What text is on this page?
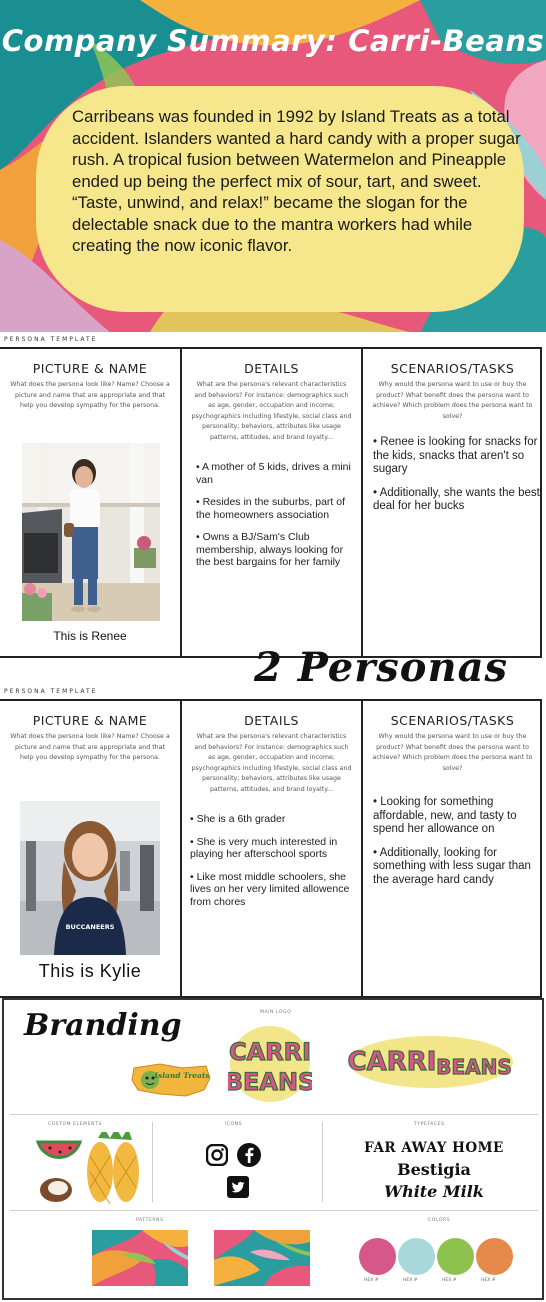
Company Summary: Carri-Beans
Carribeans was founded in 1992 by Island Treats as a total accident. Islanders wanted a hard candy with a proper sugar rush. A tropical fusion between Watermelon and Pineapple ended up being the perfect mix of sour, tart, and sweet. “Taste, unwind, and relax!” became the slogan for the delectable snack due to the mantra workers had while creating the now iconic flavor.
PERSONA TEMPLATE
PICTURE & NAME
What does the persona look like? Name? Choose a picture and name that are appropriate and that help you develop sympathy for the persona.
This is Renee
DETAILS
What are the persona's relevant characteristics and behaviors? For instance: demographics such as age, gender, occupation and income; psychographics including lifestyle, social class and personality; behaviors, attributes like usage patterns, attitudes, and brand loyalty...
• A mother of 5 kids, drives a mini van
• Resides in the suburbs, part of the homeowners association
• Owns a BJ/Sam's Club membership, always looking for the best bargains for her family
SCENARIOS/TASKS
Why would the persona want to use or buy the product? What benefit does the persona want to achieve? Which problem does the persona want to solve?
• Renee is looking for snacks for the kids, snacks that aren't so sugary
• Additionally, she wants the best deal for her bucks
2 Personas
PERSONA TEMPLATE
PICTURE & NAME
What does the persona look like? Name? Choose a picture and name that are appropriate and that help you develop sympathy for the persona.
BUCCANEERS
This is Kylie
DETAILS
What are the persona's relevant characteristics and behaviors? For instance: demographics such as age, gender, occupation and income; psychographics including lifestyle, social class and personality; behaviors, attributes like usage patterns, attitudes, and brand loyalty...
• She is a 6th grader
• She is very much interested in playing her afterschool sports
• Like most middle schoolers, she lives on her very limited allowence from chores
SCENARIOS/TASKS
Why would the persona want to use or buy the product? What benefit does the persona want to achieve? Which problem does the persona want to solve?
• Looking for something affordable, new, and tasty to spend her allowance on
• Additionally, looking for something with less sugar than the average hard candy
Branding	MAIN LOGO
Island Treats
CARRI
BEANS
CARRI BEANS
CUSTOM ELEMENTS	ICONS	TYPEFACES
FAR AWAY HOME
Bestigia
White Milk
PATTERNS	COLORS
HEX #	HEX #	HEX #	HEX #
